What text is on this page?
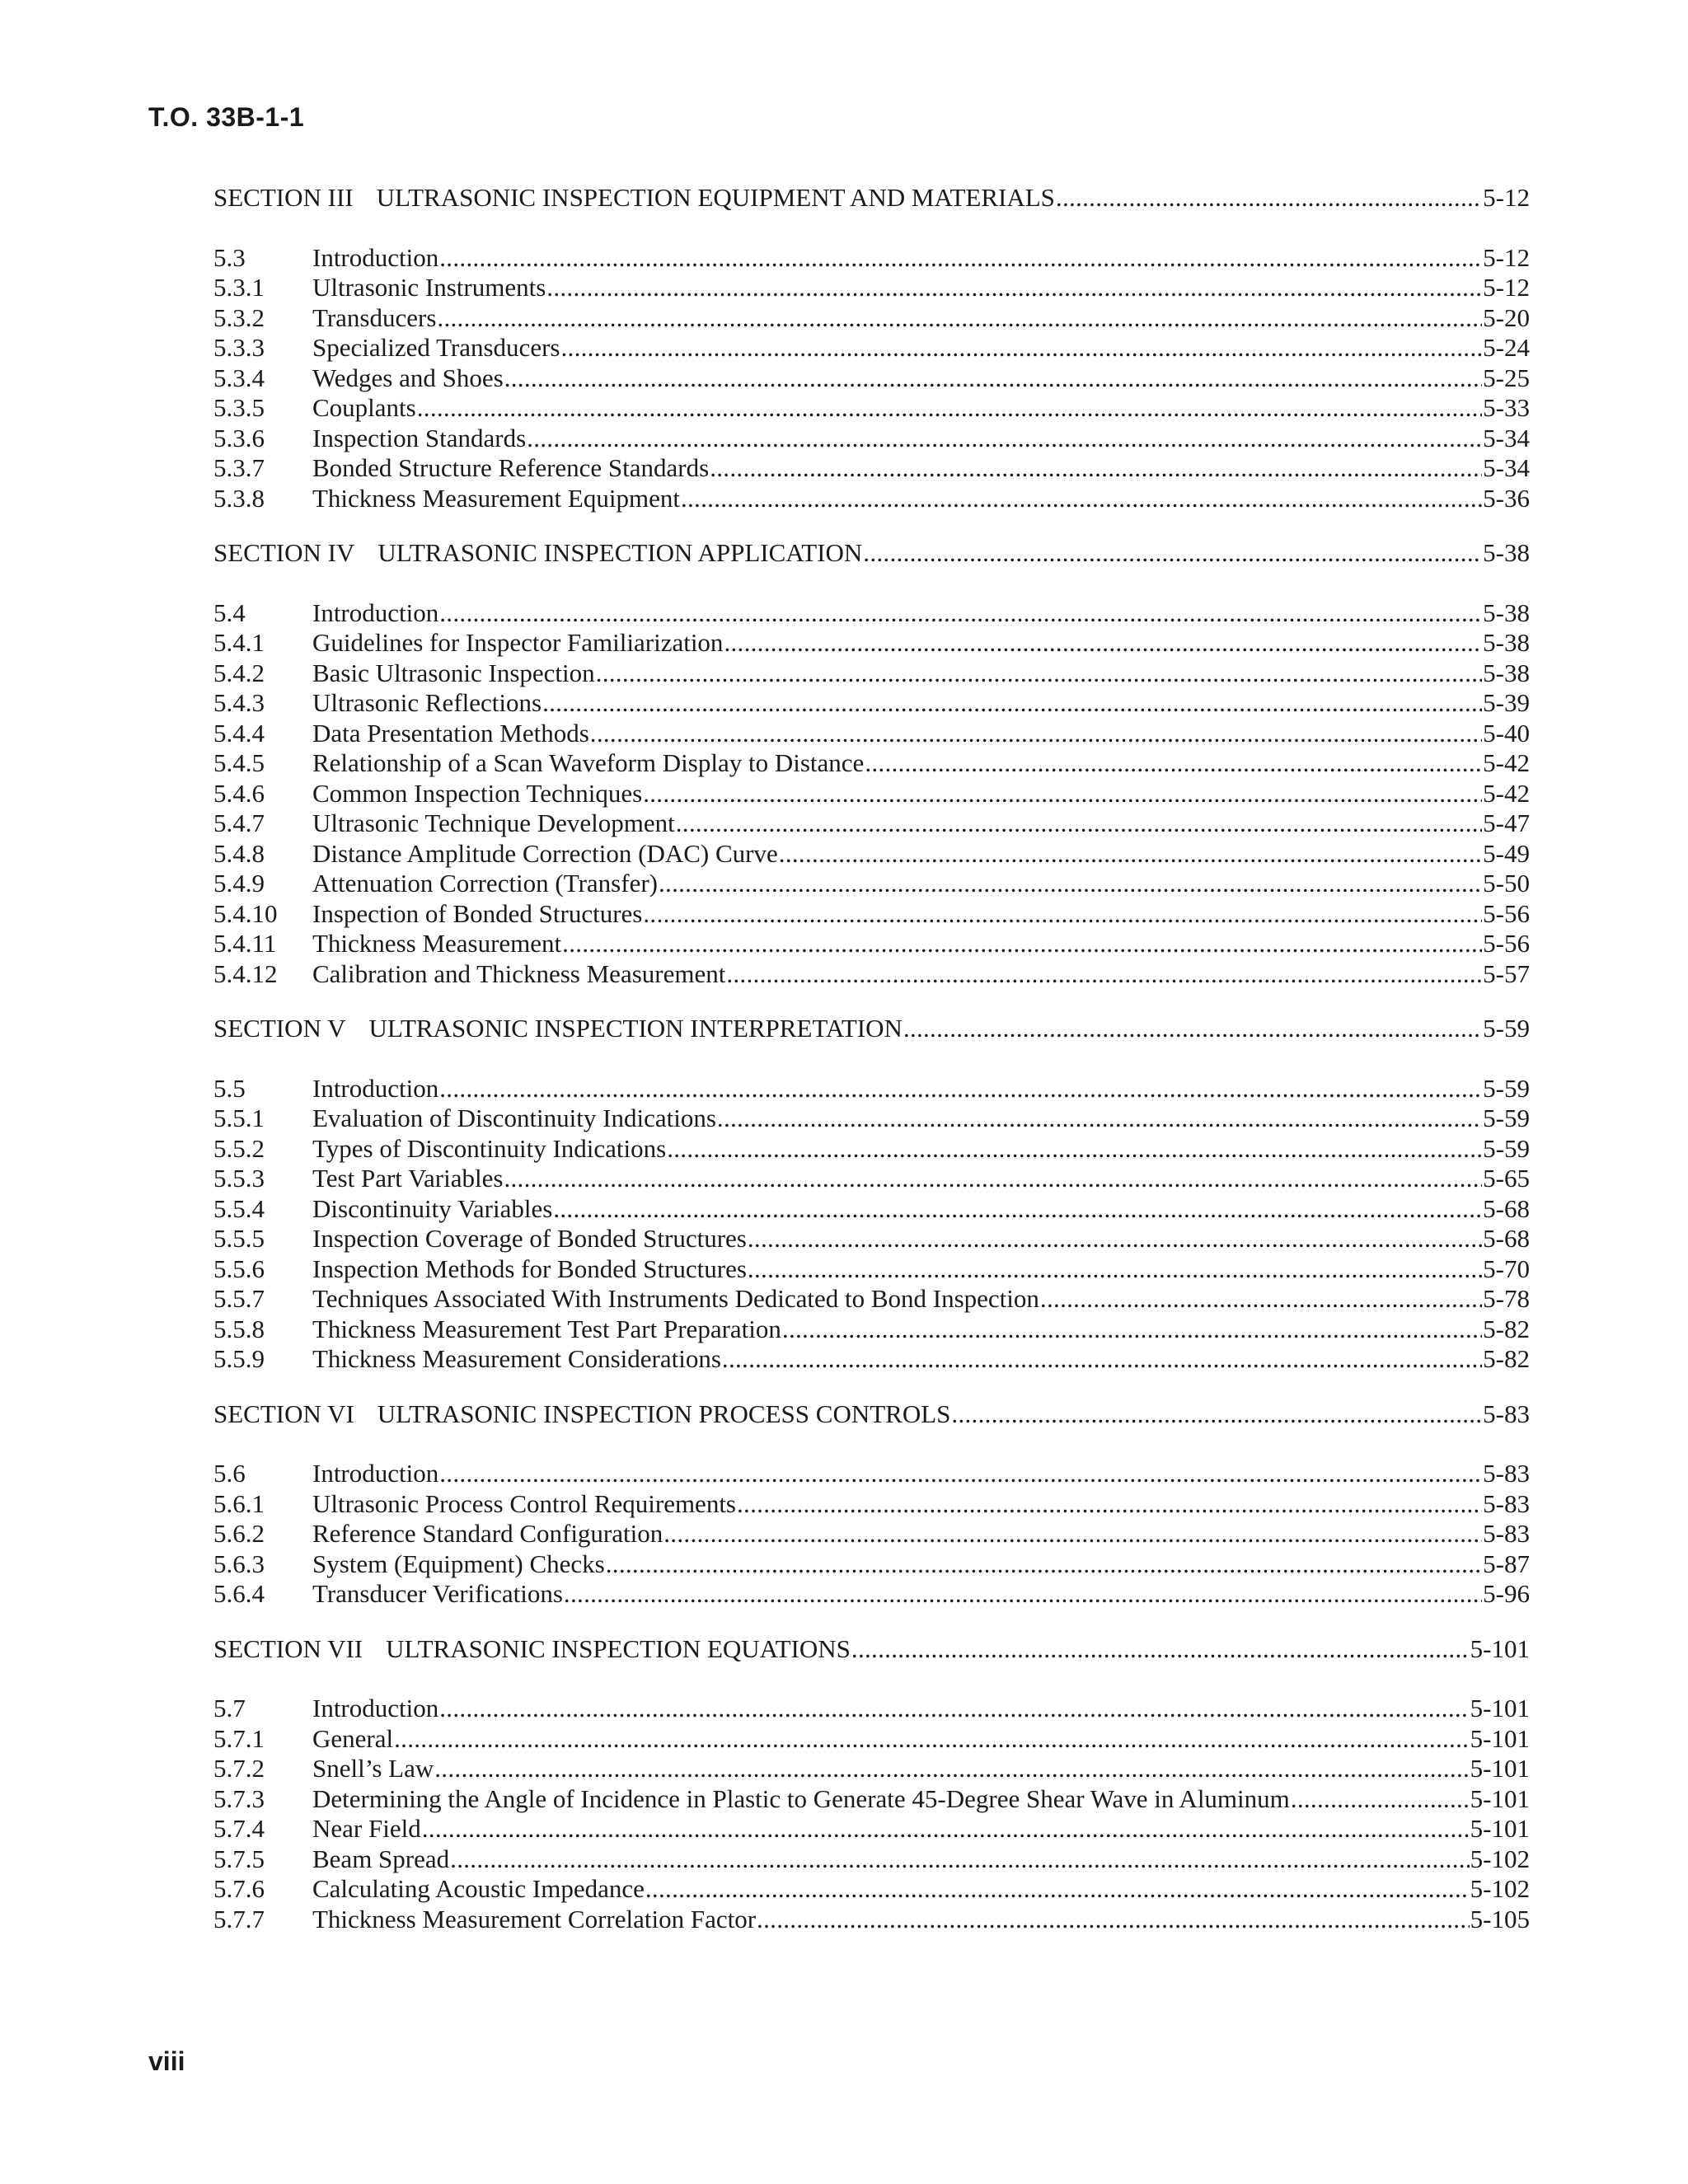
T.O. 33B-1-1
SECTION III ULTRASONIC INSPECTION EQUIPMENT AND MATERIALS .....	5-12
5.3	Introduction .....	5-12
5.3.1	Ultrasonic Instruments .....	5-12
5.3.2	Transducers .....	5-20
5.3.3	Specialized Transducers .....	5-24
5.3.4	Wedges and Shoes .....	5-25
5.3.5	Couplants .....	5-33
5.3.6	Inspection Standards .....	5-34
5.3.7	Bonded Structure Reference Standards .....	5-34
5.3.8	Thickness Measurement Equipment .....	5-36
SECTION IV ULTRASONIC INSPECTION APPLICATION .....	5-38
5.4	Introduction .....	5-38
5.4.1	Guidelines for Inspector Familiarization .....	5-38
5.4.2	Basic Ultrasonic Inspection .....	5-38
5.4.3	Ultrasonic Reflections .....	5-39
5.4.4	Data Presentation Methods .....	5-40
5.4.5	Relationship of a Scan Waveform Display to Distance .....	5-42
5.4.6	Common Inspection Techniques .....	5-42
5.4.7	Ultrasonic Technique Development .....	5-47
5.4.8	Distance Amplitude Correction (DAC) Curve .....	5-49
5.4.9	Attenuation Correction (Transfer) .....	5-50
5.4.10	Inspection of Bonded Structures .....	5-56
5.4.11	Thickness Measurement .....	5-56
5.4.12	Calibration and Thickness Measurement .....	5-57
SECTION V ULTRASONIC INSPECTION INTERPRETATION .....	5-59
5.5	Introduction .....	5-59
5.5.1	Evaluation of Discontinuity Indications .....	5-59
5.5.2	Types of Discontinuity Indications .....	5-59
5.5.3	Test Part Variables .....	5-65
5.5.4	Discontinuity Variables .....	5-68
5.5.5	Inspection Coverage of Bonded Structures .....	5-68
5.5.6	Inspection Methods for Bonded Structures .....	5-70
5.5.7	Techniques Associated With Instruments Dedicated to Bond Inspection .....	5-78
5.5.8	Thickness Measurement Test Part Preparation .....	5-82
5.5.9	Thickness Measurement Considerations .....	5-82
SECTION VI ULTRASONIC INSPECTION PROCESS CONTROLS .....	5-83
5.6	Introduction .....	5-83
5.6.1	Ultrasonic Process Control Requirements .....	5-83
5.6.2	Reference Standard Configuration .....	5-83
5.6.3	System (Equipment) Checks .....	5-87
5.6.4	Transducer Verifications .....	5-96
SECTION VII ULTRASONIC INSPECTION EQUATIONS .....	5-101
5.7	Introduction .....	5-101
5.7.1	General .....	5-101
5.7.2	Snell’s Law .....	5-101
5.7.3	Determining the Angle of Incidence in Plastic to Generate 45-Degree Shear Wave in Aluminum .....	5-101
5.7.4	Near Field .....	5-101
5.7.5	Beam Spread .....	5-102
5.7.6	Calculating Acoustic Impedance .....	5-102
5.7.7	Thickness Measurement Correlation Factor .....	5-105
viii
